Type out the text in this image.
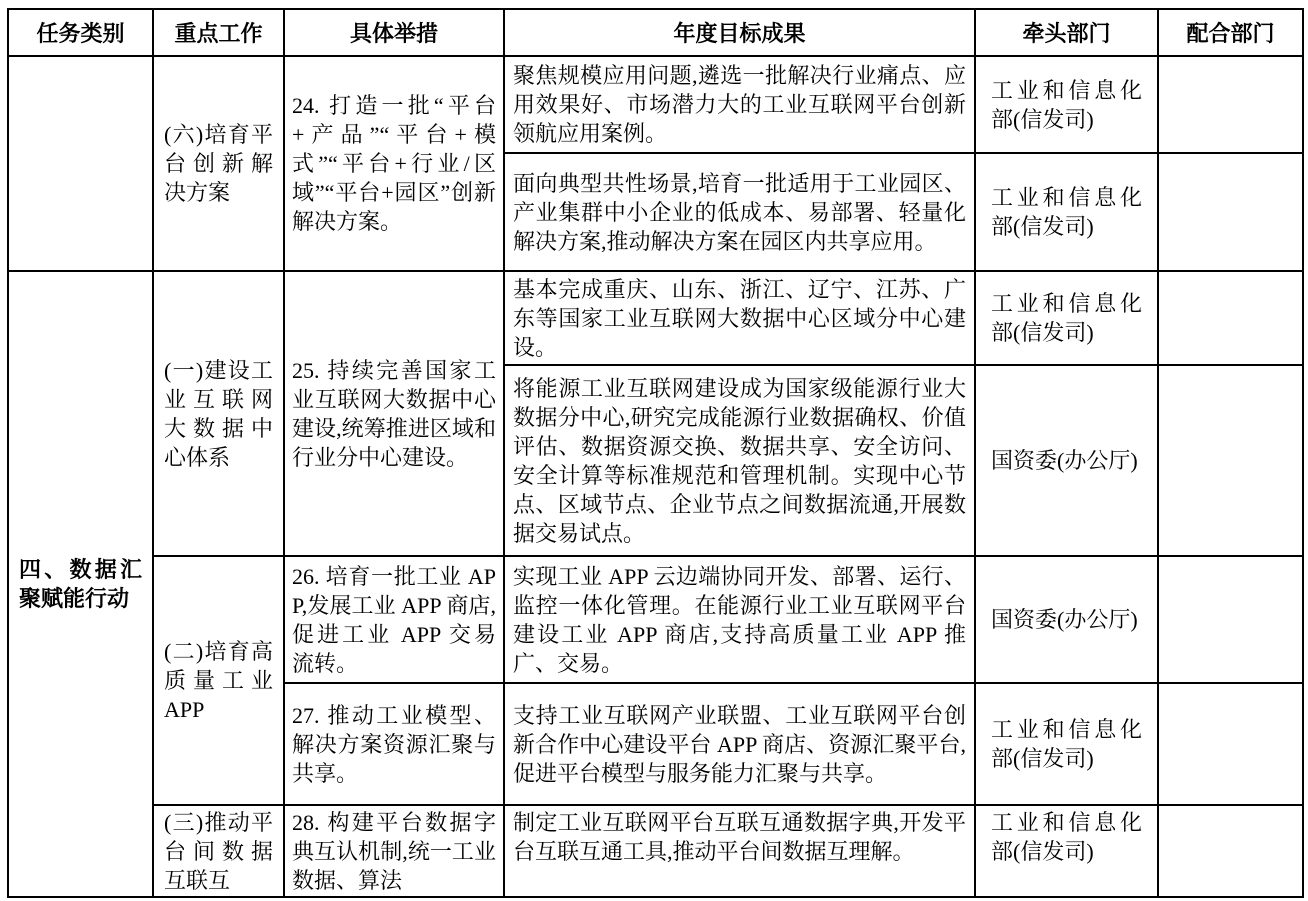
任务类别	重点工作	具体举措	年度目标成果	牵头部门	配合部门
	(六)培育平台创新解决方案	24. 打造一批“平台+产品”“平台+模式”“平台+行业/区域”“平台+园区”创新解决方案。	聚焦规模应用问题,遴选一批解决行业痛点、应用效果好、市场潜力大的工业互联网平台创新领航应用案例。	工业和信息化部(信发司)	
			面向典型共性场景,培育一批适用于工业园区、产业集群中小企业的低成本、易部署、轻量化解决方案,推动解决方案在园区内共享应用。	工业和信息化部(信发司)	
四、数据汇聚赋能行动	(一)建设工业互联网大数据中心体系	25. 持续完善国家工业互联网大数据中心建设,统筹推进区域和行业分中心建设。	基本完成重庆、山东、浙江、辽宁、江苏、广东等国家工业互联网大数据中心区域分中心建设。	工业和信息化部(信发司)	
			将能源工业互联网建设成为国家级能源行业大数据分中心,研究完成能源行业数据确权、价值评估、数据资源交换、数据共享、安全访问、安全计算等标准规范和管理机制。实现中心节点、区域节点、企业节点之间数据流通,开展数据交易试点。	国资委(办公厅)	
	(二)培育高质量工业 APP	26. 培育一批工业 APP,发展工业 APP 商店,促进工业 APP 交易流转。	实现工业 APP 云边端协同开发、部署、运行、监控一体化管理。在能源行业工业互联网平台建设工业 APP 商店,支持高质量工业 APP 推广、交易。	国资委(办公厅)	
		27. 推动工业模型、解决方案资源汇聚与共享。	支持工业互联网产业联盟、工业互联网平台创新合作中心建设平台 APP 商店、资源汇聚平台,促进平台模型与服务能力汇聚与共享。	工业和信息化部(信发司)	

	(三)推动平台间数据互联互	28. 构建平台数据字典互认机制,统一工业数据、算法	制定工业互联网平台互联互通数据字典,开发平台互联互通工具,推动平台间数据互理解。	工业和信息化部(信发司)	
